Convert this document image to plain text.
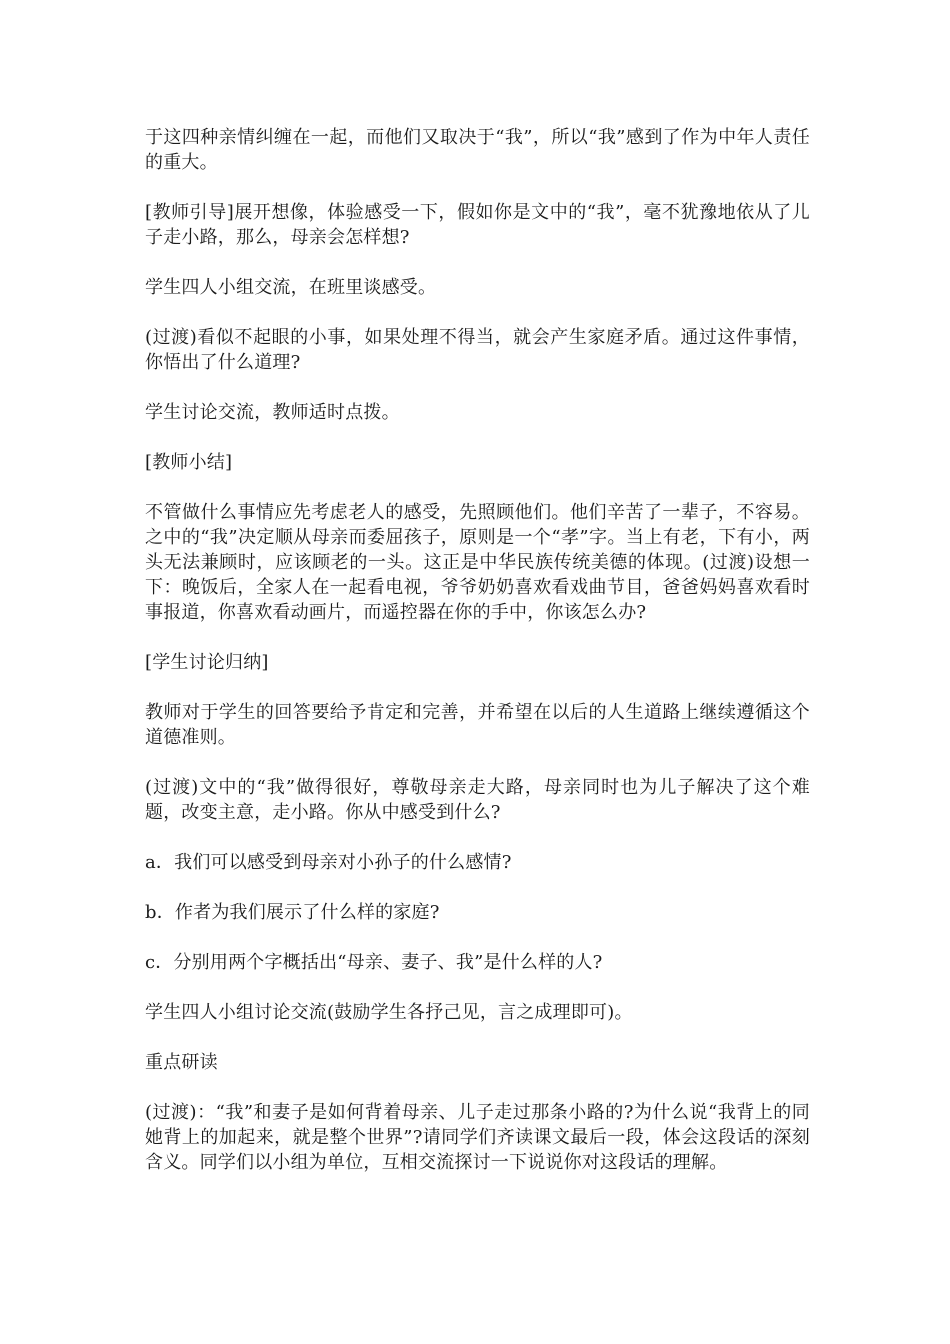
于这四种亲情纠缠在一起，而他们又取决于“我”，所以“我”感到了作为中年人责任的重大。

[教师引导]展开想像，体验感受一下，假如你是文中的“我”，毫不犹豫地依从了儿子走小路，那么，母亲会怎样想?

学生四人小组交流，在班里谈感受。

(过渡)看似不起眼的小事，如果处理不得当，就会产生家庭矛盾。通过这件事情，你悟出了什么道理?

学生讨论交流，教师适时点拨。

[教师小结]

不管做什么事情应先考虑老人的感受，先照顾他们。他们辛苦了一辈子，不容易。之中的“我”决定顺从母亲而委屈孩子，原则是一个“孝”字。当上有老，下有小，两头无法兼顾时，应该顾老的一头。这正是中华民族传统美德的体现。(过渡)设想一下：晚饭后，全家人在一起看电视，爷爷奶奶喜欢看戏曲节目，爸爸妈妈喜欢看时事报道，你喜欢看动画片，而遥控器在你的手中，你该怎么办?

[学生讨论归纳]

教师对于学生的回答要给予肯定和完善，并希望在以后的人生道路上继续遵循这个道德准则。

(过渡)文中的“我”做得很好，尊敬母亲走大路，母亲同时也为儿子解决了这个难题，改变主意，走小路。你从中感受到什么?

a．我们可以感受到母亲对小孙子的什么感情?

b．作者为我们展示了什么样的家庭?

c．分别用两个字概括出“母亲、妻子、我”是什么样的人?

学生四人小组讨论交流(鼓励学生各抒己见，言之成理即可)。

重点研读

(过渡)：“我”和妻子是如何背着母亲、儿子走过那条小路的?为什么说“我背上的同她背上的加起来，就是整个世界”?请同学们齐读课文最后一段，体会这段话的深刻含义。同学们以小组为单位，互相交流探讨一下说说你对这段话的理解。
